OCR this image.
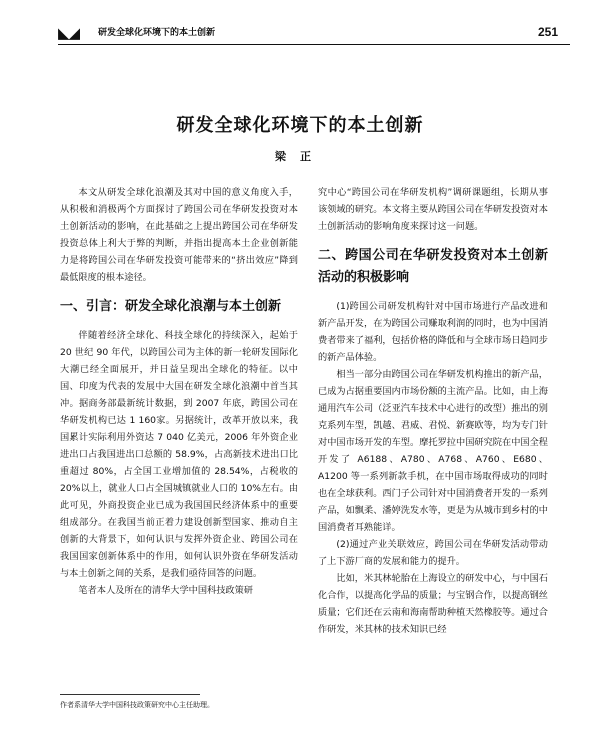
◣◢	研发全球化环境下的本土创新	251
研发全球化环境下的本土创新
梁正

本文从研发全球化浪潮及其对中国的意义角度入手，从积极和消极两个方面探讨了跨国公司在华研发投资对本土创新活动的影响，在此基础之上提出跨国公司在华研发投资总体上利大于弊的判断，并指出提高本土企业创新能力是将跨国公司在华研发投资可能带来的“挤出效应”降到最低限度的根本途径。

一、引言：研发全球化浪潮与本土创新

伴随着经济全球化、科技全球化的持续深入，起始于 20 世纪 90 年代，以跨国公司为主体的新一轮研发国际化大潮已经全面展开，并日益呈现出全球化的特征。以中国、印度为代表的发展中大国在研发全球化浪潮中首当其冲。据商务部最新统计数据，到 2007 年底，跨国公司在华研发机构已达 1 160家。另据统计，改革开放以来，我国累计实际利用外资达 7 040 亿美元，2006 年外资企业进出口占我国进出口总额的 58.9%，占高新技术进出口比重超过 80%，占全国工业增加值的 28.54%，占税收的 20%以上，就业人口占全国城镇就业人口的 10%左右。由此可见，外商投资企业已成为我国国民经济体系中的重要组成部分。在我国当前正着力建设创新型国家、推动自主创新的大背景下，如何认识与发挥外资企业、跨国公司在我国国家创新体系中的作用，如何认识外资在华研发活动与本土创新之间的关系，是我们亟待回答的问题。

笔者本人及所在的清华大学中国科技政策研

究中心“跨国公司在华研发机构”调研课题组，长期从事该领域的研究。本文将主要从跨国公司在华研发投资对本土创新活动的影响角度来探讨这一问题。

二、跨国公司在华研发投资对本土创新活动的积极影响

(1)跨国公司研发机构针对中国市场进行产品改进和新产品开发，在为跨国公司赚取利润的同时，也为中国消费者带来了福利，包括价格的降低和与全球市场日趋同步的新产品体验。

相当一部分由跨国公司在华研发机构推出的新产品，已成为占据重要国内市场份额的主流产品。比如，由上海通用汽车公司（泛亚汽车技术中心进行的改型）推出的别克系列车型，凯越、君威、君悦、新赛欧等，均为专门针对中国市场开发的车型。摩托罗拉中国研究院在中国全程开发了 A6188、A780、A768、A760、E680、A1200 等一系列新款手机，在中国市场取得成功的同时也在全球获利。西门子公司针对中国消费者开发的一系列产品，如飘柔、潘婷洗发水等，更是为从城市到乡村的中国消费者耳熟能详。

(2)通过产业关联效应，跨国公司在华研发活动带动了上下游厂商的发展和能力的提升。

比如，米其林轮胎在上海设立的研发中心，与中国石化合作，以提高化学品的质量；与宝钢合作，以提高钢丝质量；它们还在云南和海南帮助种植天然橡胶等。通过合作研发，米其林的技术知识已经

作者系清华大学中国科技政策研究中心主任助理。
